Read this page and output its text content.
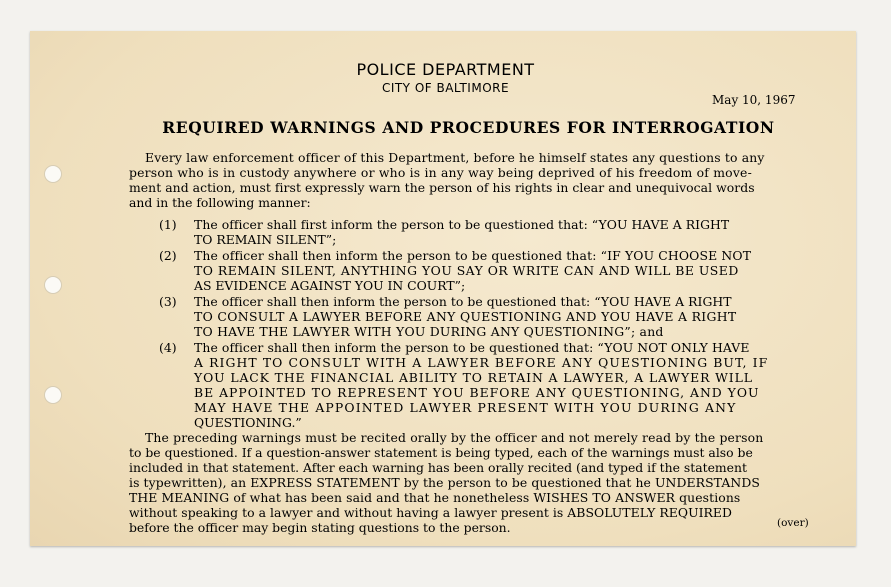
POLICE DEPARTMENT
CITY OF BALTIMORE
May 10, 1967
REQUIRED WARNINGS AND PROCEDURES FOR INTERROGATION
Every law enforcement officer of this Department, before he himself states any questions to any
person who is in custody anywhere or who is in any way being deprived of his freedom of move-
ment and action, must first expressly warn the person of his rights in clear and unequivocal words
and in the following manner:
(1) The officer shall first inform the person to be questioned that: “YOU HAVE A RIGHT
TO REMAIN SILENT”;
(2) The officer shall then inform the person to be questioned that: “IF YOU CHOOSE NOT
TO REMAIN SILENT, ANYTHING YOU SAY OR WRITE CAN AND WILL BE USED
AS EVIDENCE AGAINST YOU IN COURT”;
(3) The officer shall then inform the person to be questioned that: “YOU HAVE A RIGHT
TO CONSULT A LAWYER BEFORE ANY QUESTIONING AND YOU HAVE A RIGHT
TO HAVE THE LAWYER WITH YOU DURING ANY QUESTIONING”; and
(4) The officer shall then inform the person to be questioned that: “YOU NOT ONLY HAVE
A RIGHT TO CONSULT WITH A LAWYER BEFORE ANY QUESTIONING BUT, IF
YOU LACK THE FINANCIAL ABILITY TO RETAIN A LAWYER, A LAWYER WILL
BE APPOINTED TO REPRESENT YOU BEFORE ANY QUESTIONING, AND YOU
MAY HAVE THE APPOINTED LAWYER PRESENT WITH YOU DURING ANY
QUESTIONING.”
The preceding warnings must be recited orally by the officer and not merely read by the person
to be questioned. If a question-answer statement is being typed, each of the warnings must also be
included in that statement. After each warning has been orally recited (and typed if the statement
is typewritten), an EXPRESS STATEMENT by the person to be questioned that he UNDERSTANDS
THE MEANING of what has been said and that he nonetheless WISHES TO ANSWER questions
without speaking to a lawyer and without having a lawyer present is ABSOLUTELY REQUIRED
before the officer may begin stating questions to the person.	(over)
